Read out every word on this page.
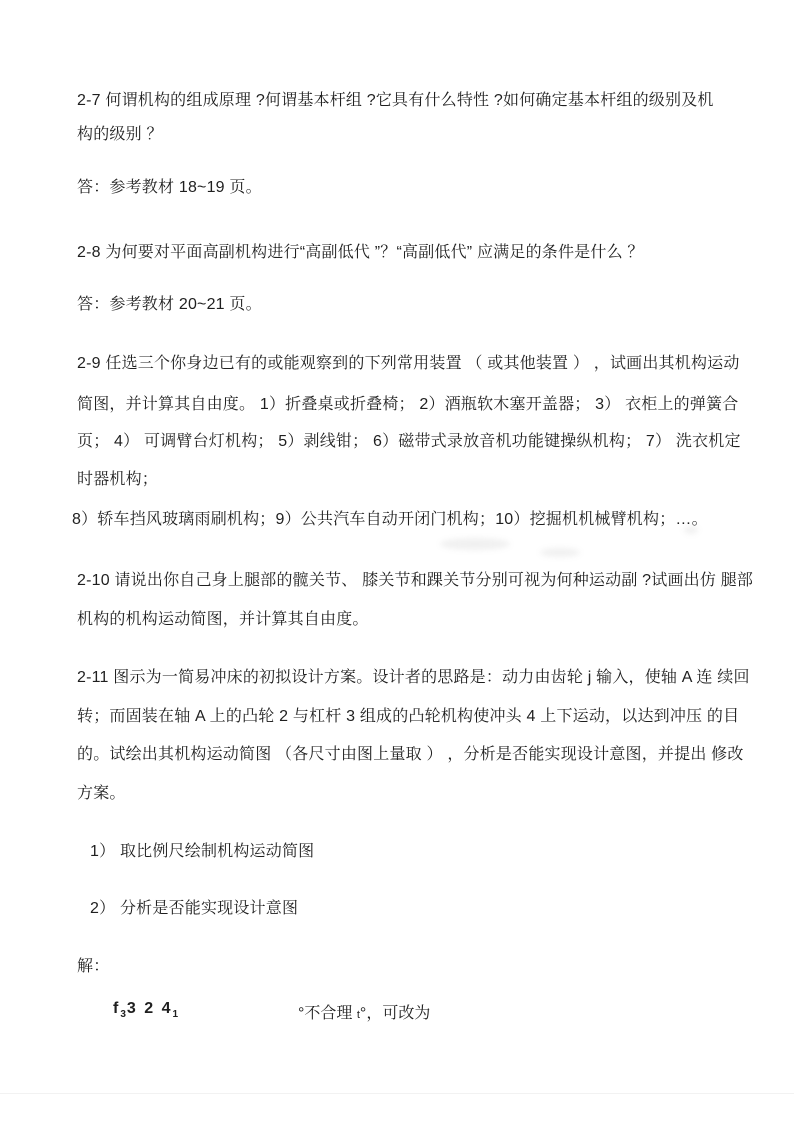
2-7 何谓机构的组成原理 ?何谓基本杆组 ?它具有什么特性 ?如何确定基本杆组的级别及机
构的级别 ？
答：参考教材 18~19 页。
2-8 为何要对平面高副机构进行“高副低代 ”？“高副低代” 应满足的条件是什么 ？
答：参考教材 20~21 页。
2-9 任选三个你身边已有的或能观察到的下列常用装置 （ 或其他装置 ） ，试画出其机构运动
简图，并计算其自由度。 1）折叠桌或折叠椅； 2）酒瓶软木塞开盖器； 3） 衣柜上的弹簧合
页； 4） 可调臂台灯机构； 5）剥线钳； 6）磁带式录放音机功能键操纵机构； 7） 洗衣机定
时器机构；
8）轿车挡风玻璃雨刷机构；9）公共汽车自动开闭门机构；10）挖掘机机械臂机构；…。
2-10 请说出你自己身上腿部的髋关节、 膝关节和踝关节分别可视为何种运动副 ?试画出仿 腿部
机构的机构运动简图，并计算其自由度。
2-11 图示为一简易冲床的初拟设计方案。设计者的思路是：动力由齿轮 j 输入，使轴 A 连 续回
转；而固装在轴 A 上的凸轮 2 与杠杆 3 组成的凸轮机构使冲头 4 上下运动，以达到冲压 的目
的。试绘出其机构运动简图 （各尺寸由图上量取 ） ，分析是否能实现设计意图，并提出 修改
方案。
1） 取比例尺绘制机构运动简图
2） 分析是否能实现设计意图
解：
$f_33$ 2 $4_1$	°不合理 t°，可改为
